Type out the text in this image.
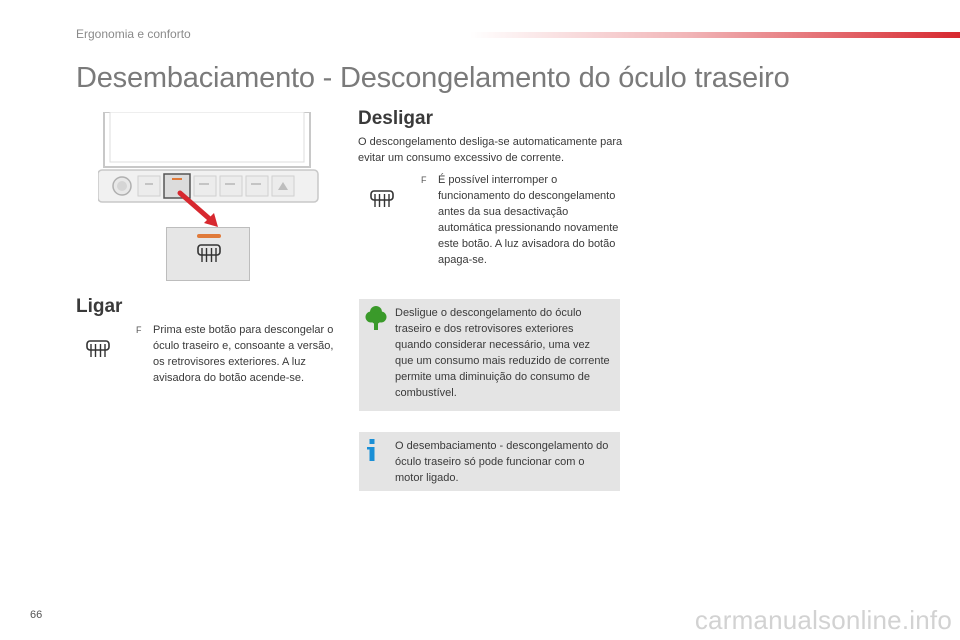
Ergonomia e conforto
Desembaciamento - Descongelamento do óculo traseiro
Ligar
F Prima este botão para descongelar o óculo traseiro e, consoante a versão, os retrovisores exteriores. A luz avisadora do botão acende-se.
Desligar

O descongelamento desliga-se automaticamente para evitar um consumo excessivo de corrente.

F É possível interromper o funcionamento do descongelamento antes da sua desactivação automática pressionando novamente este botão. A luz avisadora do botão apaga-se.
Desligue o descongelamento do óculo traseiro e dos retrovisores exteriores quando considerar necessário, uma vez que um consumo mais reduzido de corrente permite uma diminuição do consumo de combustível.
O desembaciamento - descongelamento do óculo traseiro só pode funcionar com o motor ligado.
66	carmanualsonline.info
